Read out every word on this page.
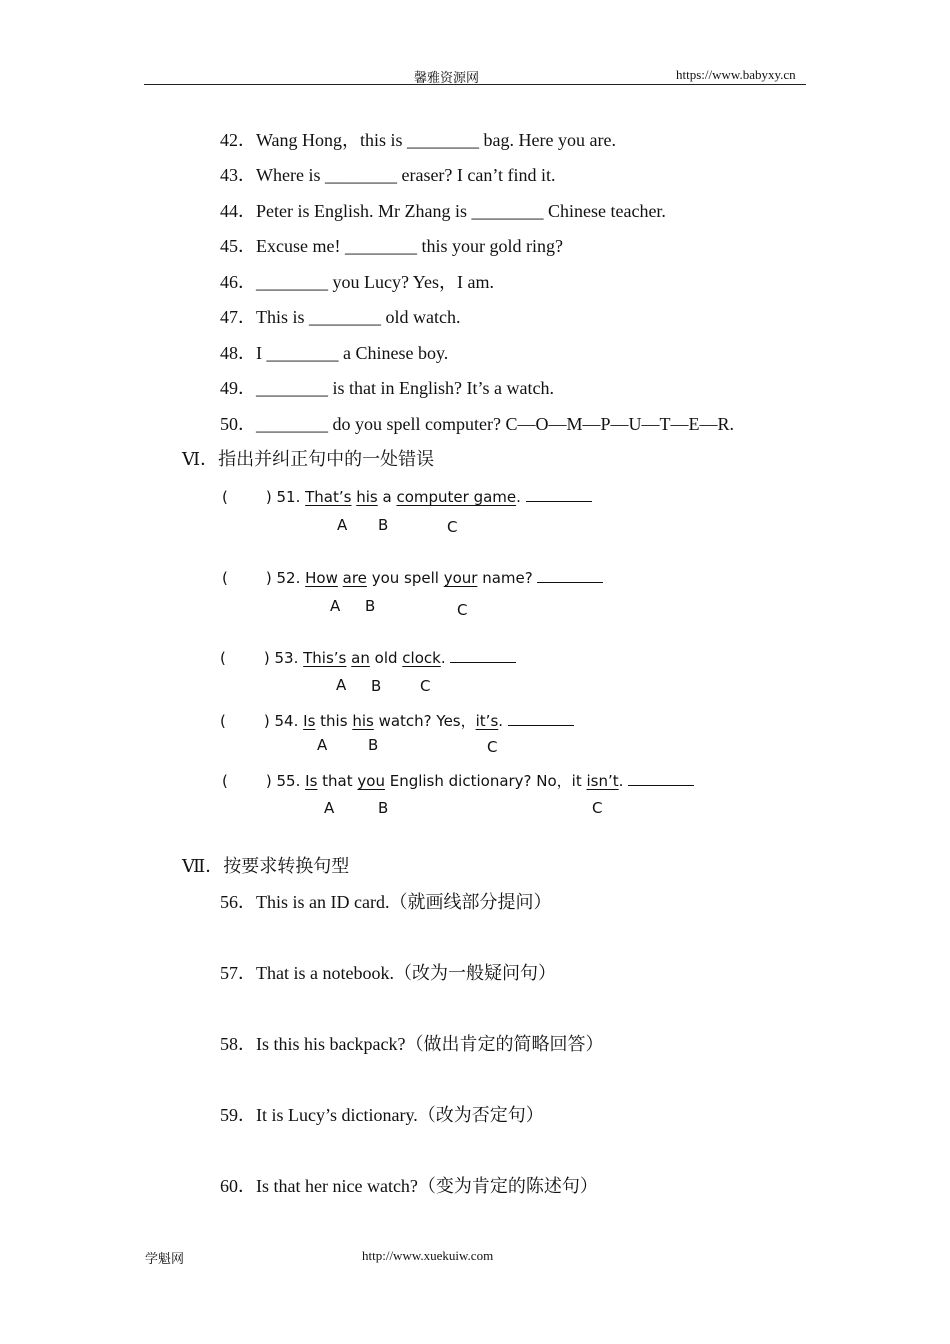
馨雅资源网	https://www.babyxy.cn
42．Wang Hong，this is ________ bag. Here you are.
43．Where is ________ eraser? I can’t find it.
44．Peter is English. Mr Zhang is ________ Chinese teacher.
45．Excuse me! ________ this your gold ring?
46．________ you Lucy? Yes，I am.
47．This is ________ old watch.
48．I ________ a Chinese boy.
49．________ is that in English? It’s a watch.
50．________ do you spell computer? C—O—M—P—U—T—E—R.
Ⅵ．指出并纠正句中的一处错误
(	) 51. That’s his a computer game.
A B	C
(	) 52. How are you spell your name?
A B	C
(	) 53. This’s an old clock.
A B	C
(	) 54. Is this his watch? Yes，it’s.
A	B	C
(	) 55. Is that you English dictionary? No，it isn’t.
A	B	C
Ⅶ．按要求转换句型
56．This is an ID card.（就画线部分提问）
57．That is a notebook.（改为一般疑问句）
58．Is this his backpack?（做出肯定的简略回答）
59．It is Lucy’s dictionary.（改为否定句）
60．Is that her nice watch?（变为肯定的陈述句）
学魁网	http://www.xuekuiw.com
